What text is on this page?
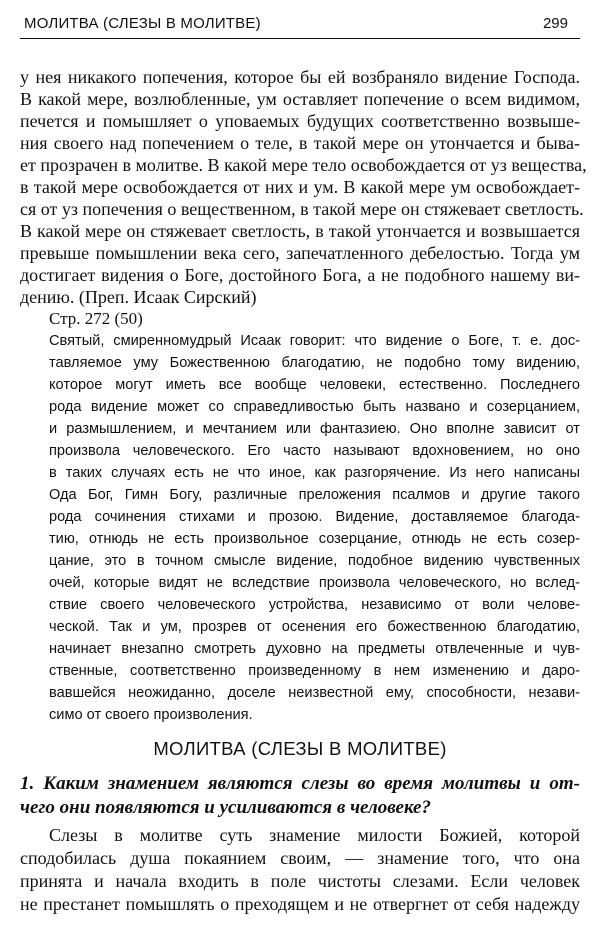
МОЛИТВА (СЛЕЗЫ В МОЛИТВЕ)	299
у нея никакого попечения, которое бы ей возбраняло видение Господа.
В какой мере, возлюбленные, ум оставляет попечение о всем видимом,
печется и помышляет о уповаемых будущих соответственно возвыше-
ния своего над попечением о теле, в такой мере он утончается и быва-
ет прозрачен в молитве. В какой мере тело освобождается от уз вещества,
в такой мере освобождается от них и ум. В какой мере ум освобождает-
ся от уз попечения о вещественном, в такой мере он стяжевает светлость.
В какой мере он стяжевает светлость, в такой утончается и возвышается
превыше помышлении века сего, запечатленного дебелостью. Тогда ум
достигает видения о Боге, достойного Бога, а не подобного нашему ви-
дению. (Преп. Исаак Сирский)
Стр. 272 (50)
Святый, смиренномудрый Исаак говорит: что видение о Боге, т. е. дос-
тавляемое уму Божественною благодатию, не подобно тому видению,
которое могут иметь все вообще человеки, естественно. Последнего
рода видение может со справедливостью быть названо и созерцанием,
и размышлением, и мечтанием или фантазиею. Оно вполне зависит от
произвола человеческого. Его часто называют вдохновением, но оно
в таких случаях есть не что иное, как разгорячение. Из него написаны
Ода Бог, Гимн Богу, различные преложения псалмов и другие такого
рода сочинения стихами и прозою. Видение, доставляемое благода-
тию, отнюдь не есть произвольное созерцание, отнюдь не есть созер-
цание, это в точном смысле видение, подобное видению чувственных
очей, которые видят не вследствие произвола человеческого, но вслед-
ствие своего человеческого устройства, независимо от воли челове-
ческой. Так и ум, прозрев от осенения его божественною благодатию,
начинает внезапно смотреть духовно на предметы отвлеченные и чув-
ственные, соответственно произведенному в нем изменению и даро-
вавшейся неожиданно, доселе неизвестной ему, способности, незави-
симо от своего произволения.
МОЛИТВА (СЛЕЗЫ В МОЛИТВЕ)
1. Каким знамением являются слезы во время молитвы и от-
чего они появляются и усиливаются в человеке?
Слезы в молитве суть знамение милости Божией, которой
сподобилась душа покаянием своим, — знамение того, что она
принята и начала входить в поле чистоты слезами. Если человек
не престанет помышлять о преходящем и не отвергнет от себя надежду
